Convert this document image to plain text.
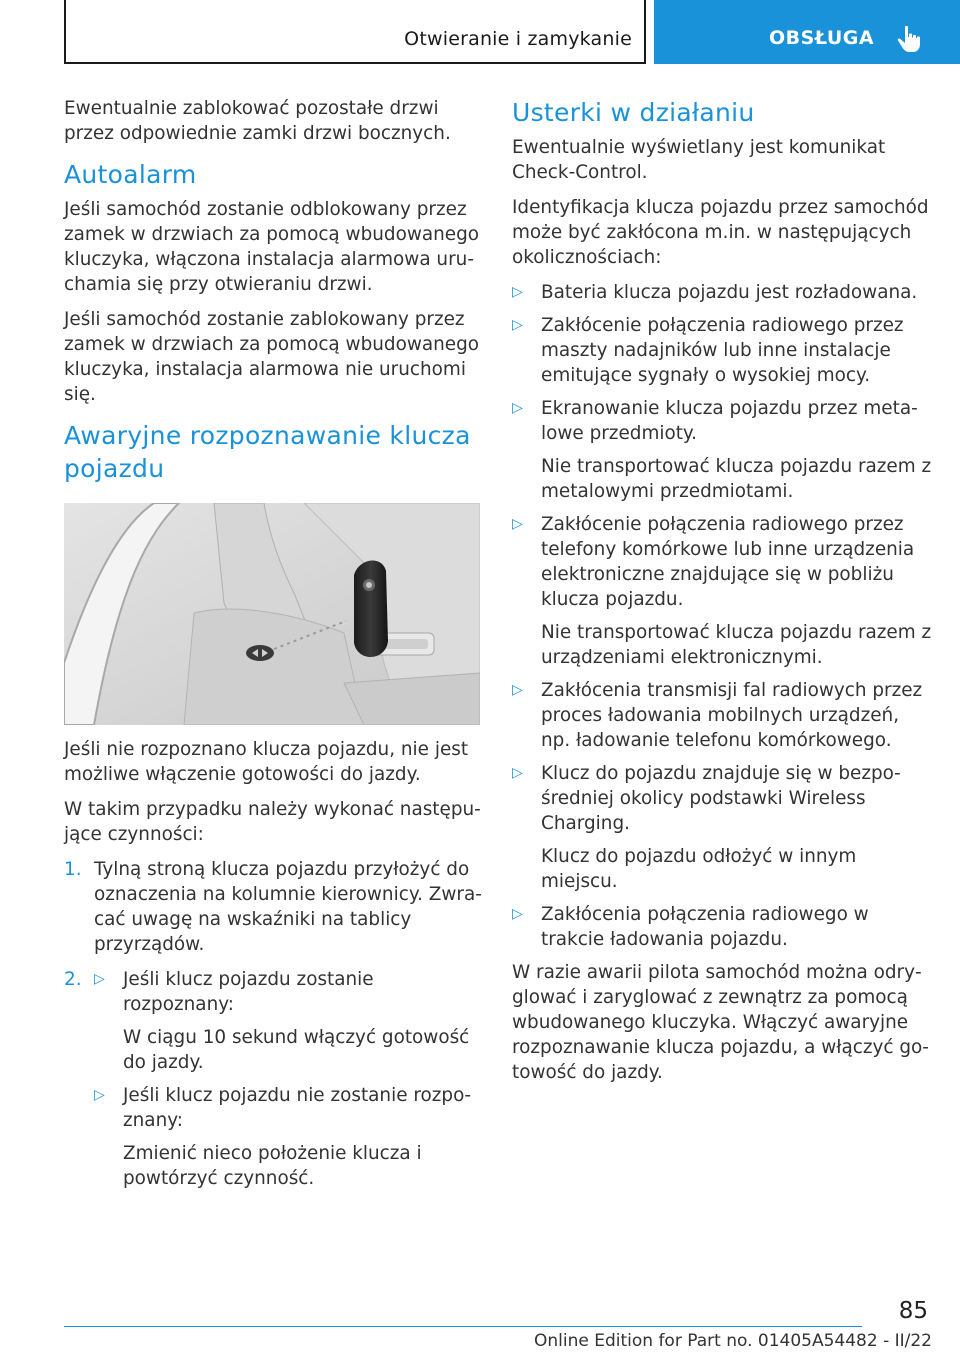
Otwieranie i zamykanie	OBSŁUGA

Ewentualnie zablokować pozostałe drzwi przez odpowiednie zamki drzwi bocznych.

Autoalarm

Jeśli samochód zostanie odblokowany przez zamek w drzwiach za pomocą wbudowanego kluczyka, włączona instalacja alarmowa uruchamia się przy otwieraniu drzwi.

Jeśli samochód zostanie zablokowany przez zamek w drzwiach za pomocą wbudowanego kluczyka, instalacja alarmowa nie uruchomi się.

Awaryjne rozpoznawanie klucza pojazdu

Jeśli nie rozpoznano klucza pojazdu, nie jest możliwe włączenie gotowości do jazdy.

W takim przypadku należy wykonać następujące czynności:

1. Tylną stroną klucza pojazdu przyłożyć do oznaczenia na kolumnie kierownicy. Zwracać uwagę na wskaźniki na tablicy przyrządów.

2. ▷ Jeśli klucz pojazdu zostanie rozpoznany:

W ciągu 10 sekund włączyć gotowość do jazdy.

▷ Jeśli klucz pojazdu nie zostanie rozpoznany:

Zmienić nieco położenie klucza i powtórzyć czynność.

Usterki w działaniu

Ewentualnie wyświetlany jest komunikat Check-Control.

Identyfikacja klucza pojazdu przez samochód może być zakłócona m.in. w następujących okolicznościach:

▷ Bateria klucza pojazdu jest rozładowana.

▷ Zakłócenie połączenia radiowego przez maszty nadajników lub inne instalacje emitujące sygnały o wysokiej mocy.

▷ Ekranowanie klucza pojazdu przez metalowe przedmioty.

Nie transportować klucza pojazdu razem z metalowymi przedmiotami.

▷ Zakłócenie połączenia radiowego przez telefony komórkowe lub inne urządzenia elektroniczne znajdujące się w pobliżu klucza pojazdu.

Nie transportować klucza pojazdu razem z urządzeniami elektronicznymi.

▷ Zakłócenia transmisji fal radiowych przez proces ładowania mobilnych urządzeń, np. ładowanie telefonu komórkowego.

▷ Klucz do pojazdu znajduje się w bezpośredniej okolicy podstawki Wireless Charging.

Klucz do pojazdu odłożyć w innym miejscu.

▷ Zakłócenia połączenia radiowego w trakcie ładowania pojazdu.

W razie awarii pilota samochód można odryglować i zaryglować z zewnątrz za pomocą wbudowanego kluczyka. Włączyć awaryjne rozpoznawanie klucza pojazdu, a włączyć gotowość do jazdy.

85
Online Edition for Part no. 01405A54482 - II/22
